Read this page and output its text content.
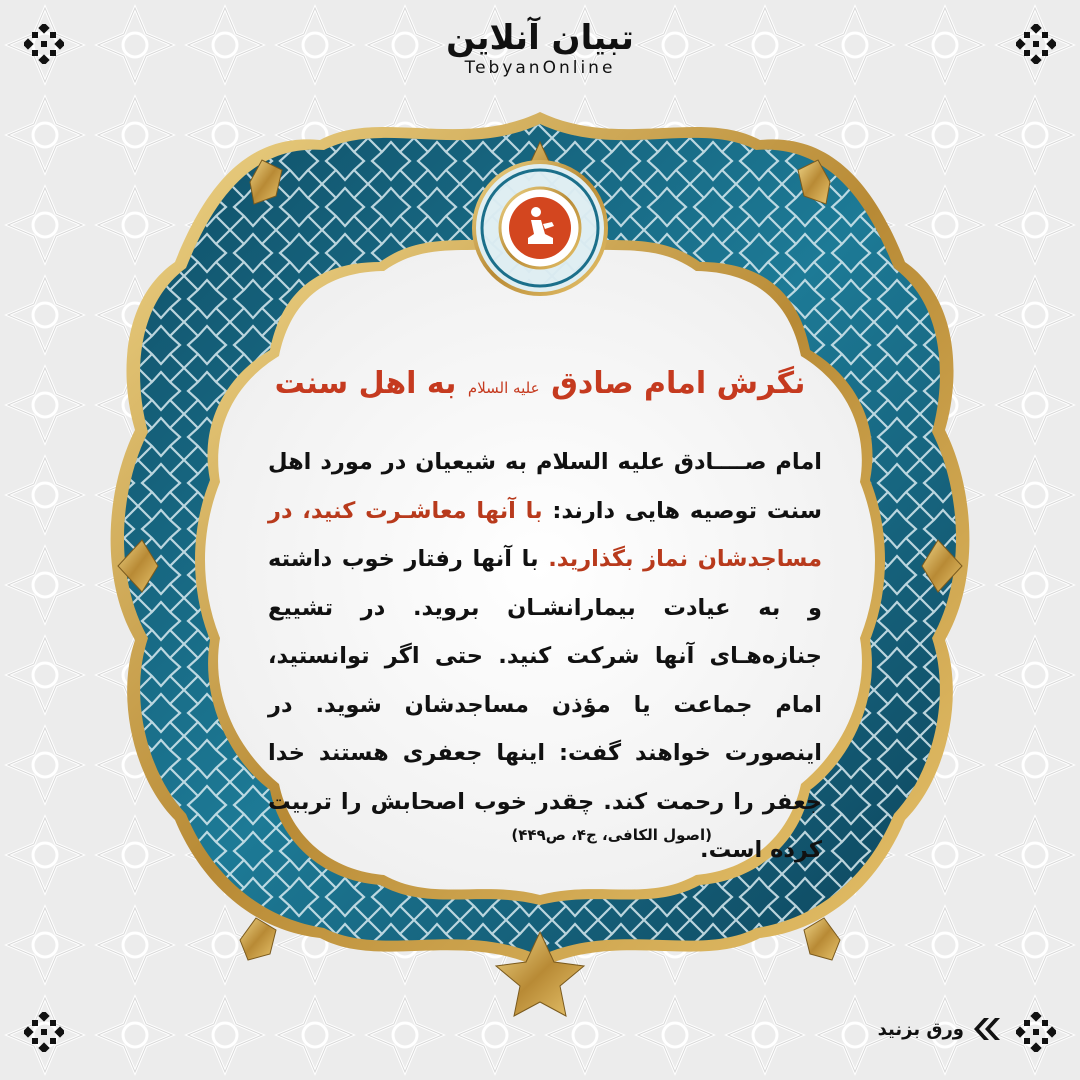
تبیان آنلاین
TebyanOnline
نگرش امام صادق علیه السلام به اهل سنت
امام صــــادق علیه السلام به شیعیان در مورد اهل سنت توصیه هایی دارند: با آنها معاشـرت کنید، در مساجدشان نماز بگذارید. با آنها رفتار خوب داشته و به عیادت بیمارانشـان بروید. در تشییع جنازه‌هـای آنها شرکت کنید. حتی اگر توانستید، امام جماعت یا مؤذن مساجدشان شوید. در اینصورت خواهند گفت: اینها جعفری هستند خدا جعفر را رحمت کند. چقدر خوب اصحابش را تربیت کرده است.
(اصول الکافی، ج۴، ص۴۴۹)
ورق بزنید
